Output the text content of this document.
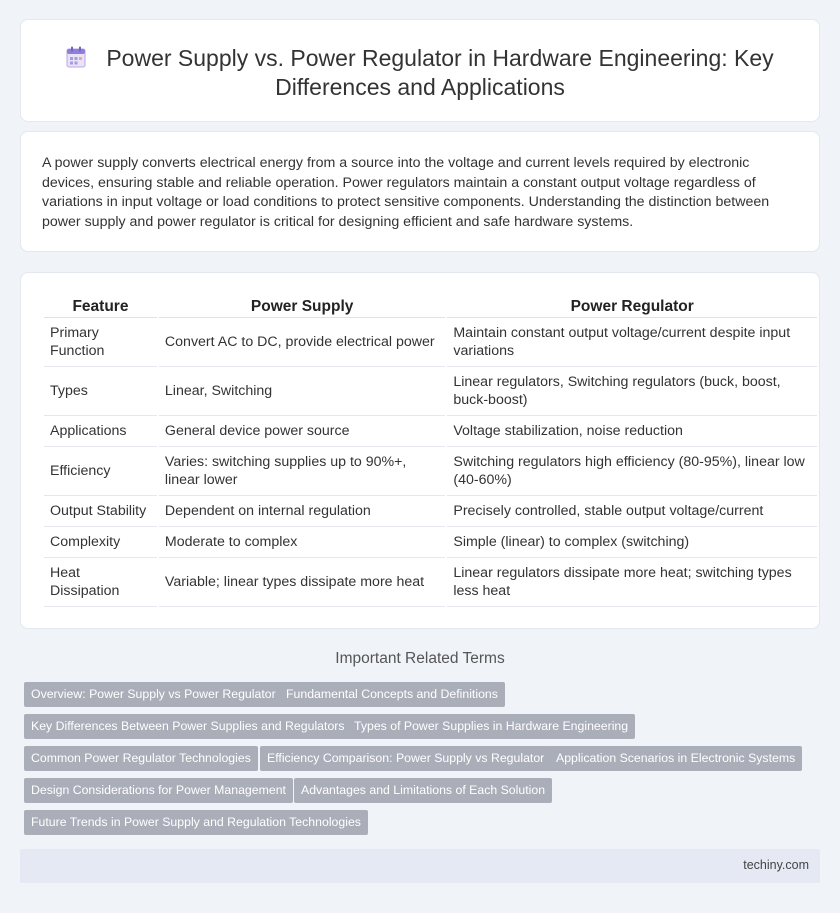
Power Supply vs. Power Regulator in Hardware Engineering: Key Differences and Applications

A power supply converts electrical energy from a source into the voltage and current levels required by electronic devices, ensuring stable and reliable operation. Power regulators maintain a constant output voltage regardless of variations in input voltage or load conditions to protect sensitive components. Understanding the distinction between power supply and power regulator is critical for designing efficient and safe hardware systems.

Feature	Power Supply	Power Regulator
Primary Function	Convert AC to DC, provide electrical power	Maintain constant output voltage/current despite input variations
Types	Linear, Switching	Linear regulators, Switching regulators (buck, boost, buck-boost)
Applications	General device power source	Voltage stabilization, noise reduction
Efficiency	Varies: switching supplies up to 90%+, linear lower	Switching regulators high efficiency (80-95%), linear low (40-60%)
Output Stability	Dependent on internal regulation	Precisely controlled, stable output voltage/current
Complexity	Moderate to complex	Simple (linear) to complex (switching)
Heat Dissipation	Variable; linear types dissipate more heat	Linear regulators dissipate more heat; switching types less heat
Important Related Terms
Overview: Power Supply vs Power Regulator Fundamental Concepts and Definitions
Key Differences Between Power Supplies and Regulators Types of Power Supplies in Hardware Engineering
Common Power Regulator Technologies	Efficiency Comparison: Power Supply vs Regulator Application Scenarios in Electronic Systems
Design Considerations for Power Management	Advantages and Limitations of Each Solution
Future Trends in Power Supply and Regulation Technologies
techiny.com
